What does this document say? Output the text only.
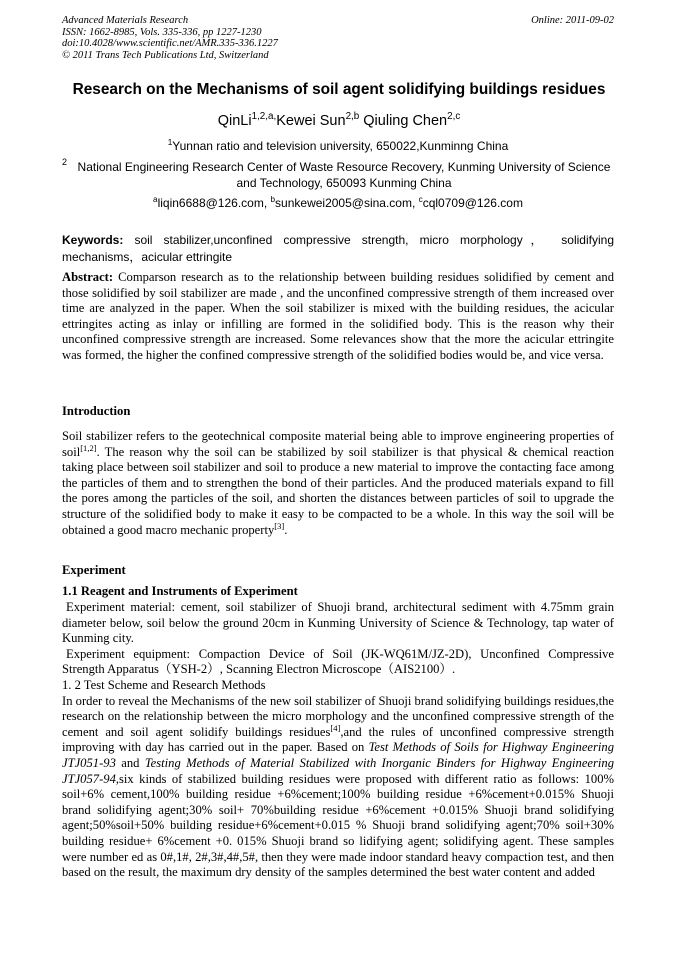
Advanced Materials Research
ISSN: 1662-8985, Vols. 335-336, pp 1227-1230
doi:10.4028/www.scientific.net/AMR.335-336.1227
© 2011 Trans Tech Publications Ltd, Switzerland
Online: 2011-09-02
Research on the Mechanisms of soil agent solidifying buildings residues
QinLi$^{1,2,a,}$Kewei Sun$^{2,b}$ Qiuling Chen$^{2,c}$
$^1$Yunnan ratio and television university, 650022,Kunminng China
2 National Engineering Research Center of Waste Resource Recovery, Kunming University of Science and Technology, 650093 Kunming China
$^a$liqin6688@126.com, $^b$sunkewei2005@sina.com, $^c$cql0709@126.com
Keywords: soil stabilizer,unconfined compressive strength, micro morphology， solidifying mechanisms，acicular ettringite
Abstract: Comparson research as to the relationship between building residues solidified by cement and those solidified by soil stabilizer are made , and the unconfined compressive strength of them increased over time are analyzed in the paper. When the soil stabilizer is mixed with the building residues, the acicular ettringites acting as inlay or infilling are formed in the solidified body. This is the reason why their unconfined compressive strength are increased. Some relevances show that the more the acicular ettringite was formed, the higher the confined compressive strength of the solidified bodies would be, and vice versa.
Introduction
Soil stabilizer refers to the geotechnical composite material being able to improve engineering properties of soil[1,2]. The reason why the soil can be stabilized by soil stabilizer is that physical & chemical reaction taking place between soil stabilizer and soil to produce a new material to improve the contacting face among the particles of them and to strengthen the bond of their particles. And the produced materials expand to fill the pores among the particles of the soil, and shorten the distances between particles of soil to upgrade the structure of the solidified body to make it easy to be compacted to be a whole. In this way the soil will be obtained a good macro mechanic property[3].
Experiment
1.1 Reagent and Instruments of Experiment

Experiment material: cement, soil stabilizer of Shuoji brand, architectural sediment with 4.75mm grain diameter below, soil below the ground 20cm in Kunming University of Science & Technology, tap water of Kunming city.

Experiment equipment: Compaction Device of Soil (JK-WQ61M/JZ-2D), Unconfined Compressive Strength Apparatus（YSH-2）, Scanning Electron Microscope（AIS2100）.

1. 2 Test Scheme and Research Methods

In order to reveal the Mechanisms of the new soil stabilizer of Shuoji brand solidifying buildings residues,the research on the relationship between the micro morphology and the unconfined compressive strength of the cement and soil agent solidify buildings residues[4],and the rules of unconfined compressive strength improving with day has carried out in the paper. Based on Test Methods of Soils for Highway Engineering JTJ051-93 and Testing Methods of Material Stabilized with Inorganic Binders for Highway Engineering JTJ057-94,six kinds of stabilized building residues were proposed with different ratio as follows: 100% soil+6% cement,100% building residue +6%cement;100% building residue +6%cement+0.015% Shuoji brand solidifying agent;30% soil+ 70%building residue +6%cement +0.015% Shuoji brand solidifying agent;50%soil+50% building residue+6%cement+0.015 % Shuoji brand solidifying agent;70% soil+30% building residue+ 6%cement +0. 015% Shuoji brand so lidifying agent; solidifying agent. These samples were number ed as 0#,1#, 2#,3#,4#,5#, then they were made indoor standard heavy compaction test, and then based on the result, the maximum dry density of the samples determined the best water content and added
